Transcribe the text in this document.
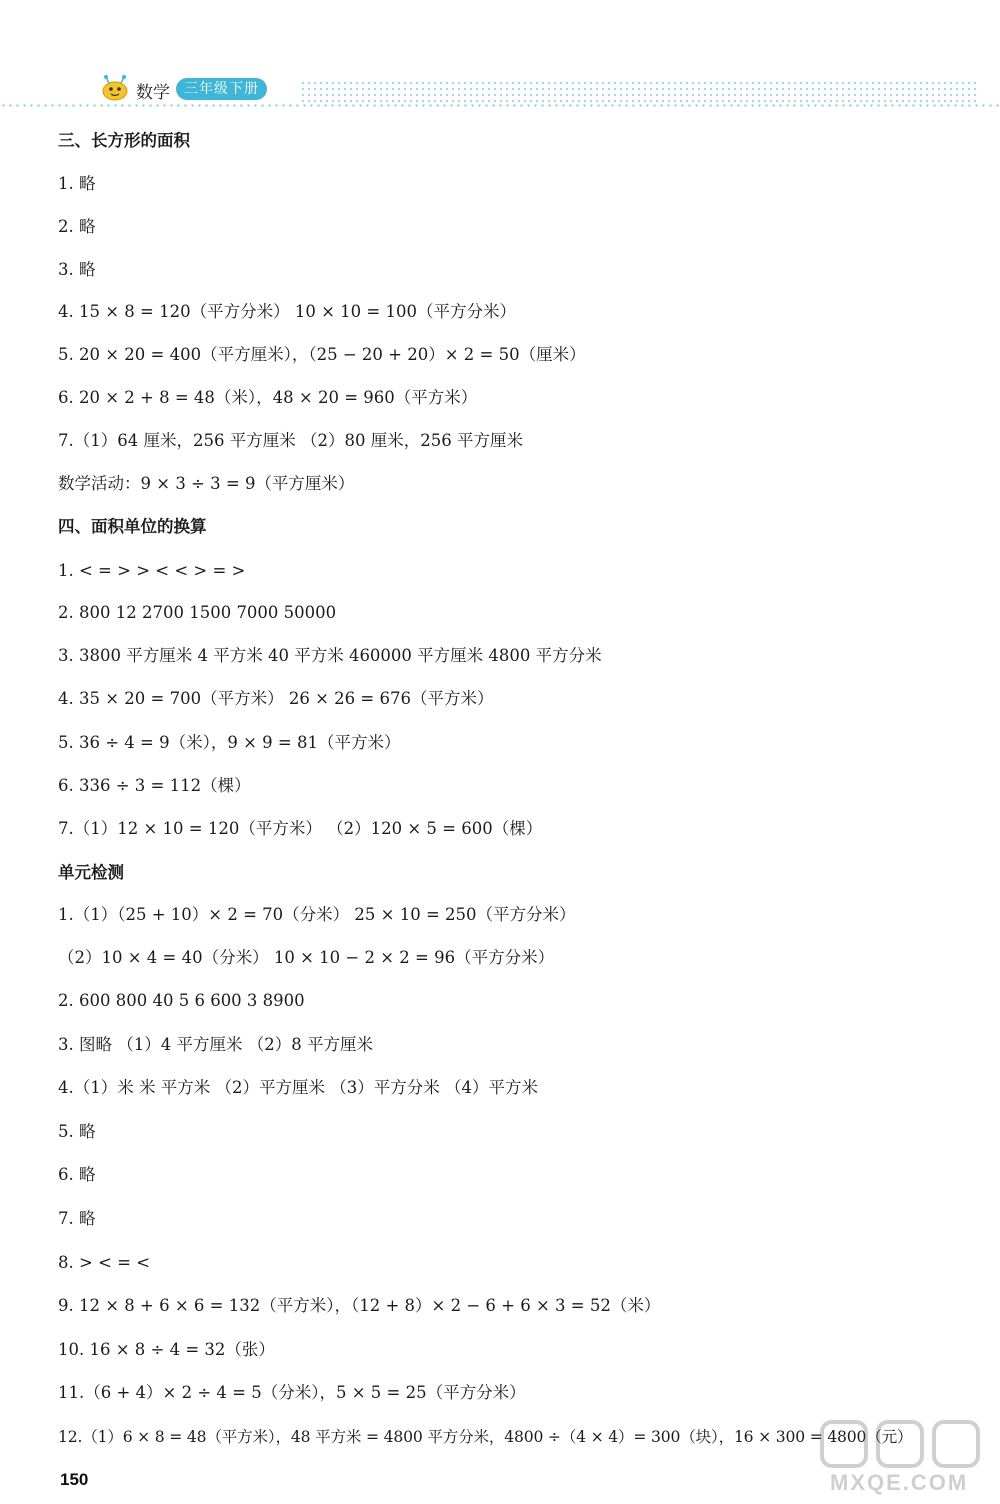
数学	三年级下册
三、长方形的面积
1. 略
2. 略
3. 略
4. 15 × 8 = 120（平方分米） 10 × 10 = 100（平方分米）
5. 20 × 20 = 400（平方厘米），（25 − 20 + 20）× 2 = 50（厘米）
6. 20 × 2 + 8 = 48（米），48 × 20 = 960（平方米）
7.（1）64 厘米，256 平方厘米 （2）80 厘米，256 平方厘米
数学活动：9 × 3 ÷ 3 = 9（平方厘米）
四、面积单位的换算
1. < = > > < < > = >
2. 800 12 2700 1500 7000 50000
3. 3800 平方厘米 4 平方米 40 平方米 460000 平方厘米 4800 平方分米
4. 35 × 20 = 700（平方米） 26 × 26 = 676（平方米）
5. 36 ÷ 4 = 9（米），9 × 9 = 81（平方米）
6. 336 ÷ 3 = 112（棵）
7.（1）12 × 10 = 120（平方米） （2）120 × 5 = 600（棵）
单元检测
1.（1）（25 + 10）× 2 = 70（分米） 25 × 10 = 250（平方分米）
（2）10 × 4 = 40（分米） 10 × 10 − 2 × 2 = 96（平方分米）
2. 600 800 40 5 6 600 3 8900
3. 图略 （1）4 平方厘米 （2）8 平方厘米
4.（1）米 米 平方米 （2）平方厘米 （3）平方分米 （4）平方米
5. 略
6. 略
7. 略
8. > < = <
9. 12 × 8 + 6 × 6 = 132（平方米），（12 + 8）× 2 − 6 + 6 × 3 = 52（米）
10. 16 × 8 ÷ 4 = 32（张）
11.（6 + 4）× 2 ÷ 4 = 5（分米），5 × 5 = 25（平方分米）
12.（1）6 × 8 = 48（平方米），48 平方米 = 4800 平方分米，4800 ÷（4 × 4）= 300（块），16 × 300 = 4800（元）
150	MXQE.COM
